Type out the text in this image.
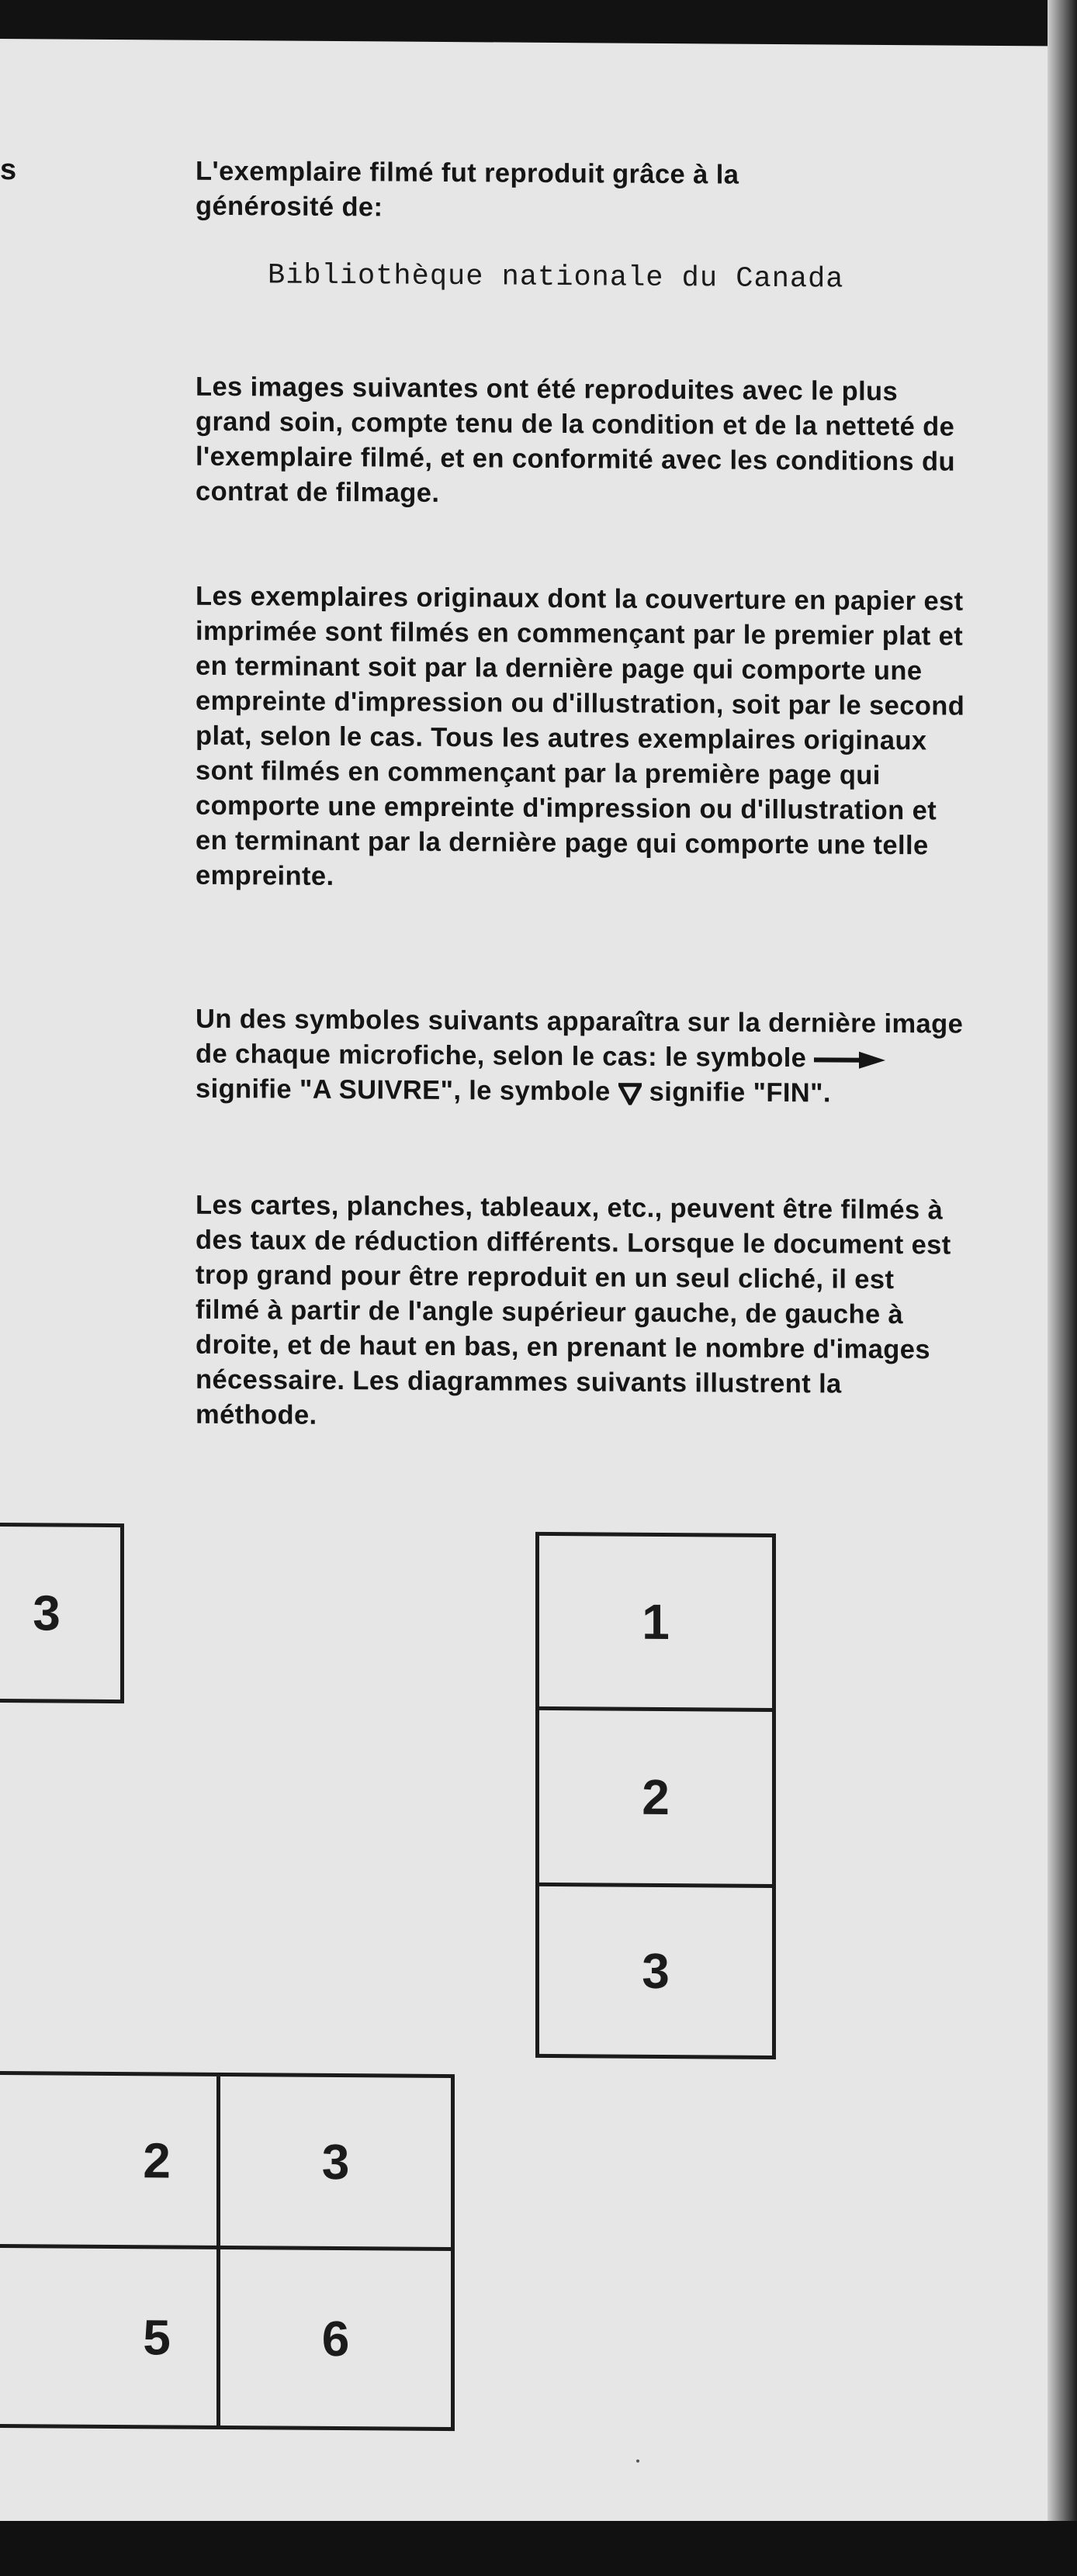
s	L'exemplaire filmé fut reproduit grâce à la générosité de:
Bibliothèque nationale du Canada
Les images suivantes ont été reproduites avec le plus grand soin, compte tenu de la condition et de la netteté de l'exemplaire filmé, et en conformité avec les conditions du contrat de filmage.
Les exemplaires originaux dont la couverture en papier est imprimée sont filmés en commençant par le premier plat et en terminant soit par la dernière page qui comporte une empreinte d'impression ou d'illustration, soit par le second plat, selon le cas. Tous les autres exemplaires originaux sont filmés en commençant par la première page qui comporte une empreinte d'impression ou d'illustration et en terminant par la dernière page qui comporte une telle empreinte.
Un des symboles suivants apparaîtra sur la dernière image de chaque microfiche, selon le cas: le symbole  signifie "A SUIVRE", le symbole signifie "FIN".
Les cartes, planches, tableaux, etc., peuvent être filmés à des taux de réduction différents. Lorsque le document est trop grand pour être reproduit en un seul cliché, il est filmé à partir de l'angle supérieur gauche, de gauche à droite, et de haut en bas, en prenant le nombre d'images nécessaire. Les diagrammes suivants illustrent la méthode.
3	1
2
3
2	3
5	6
